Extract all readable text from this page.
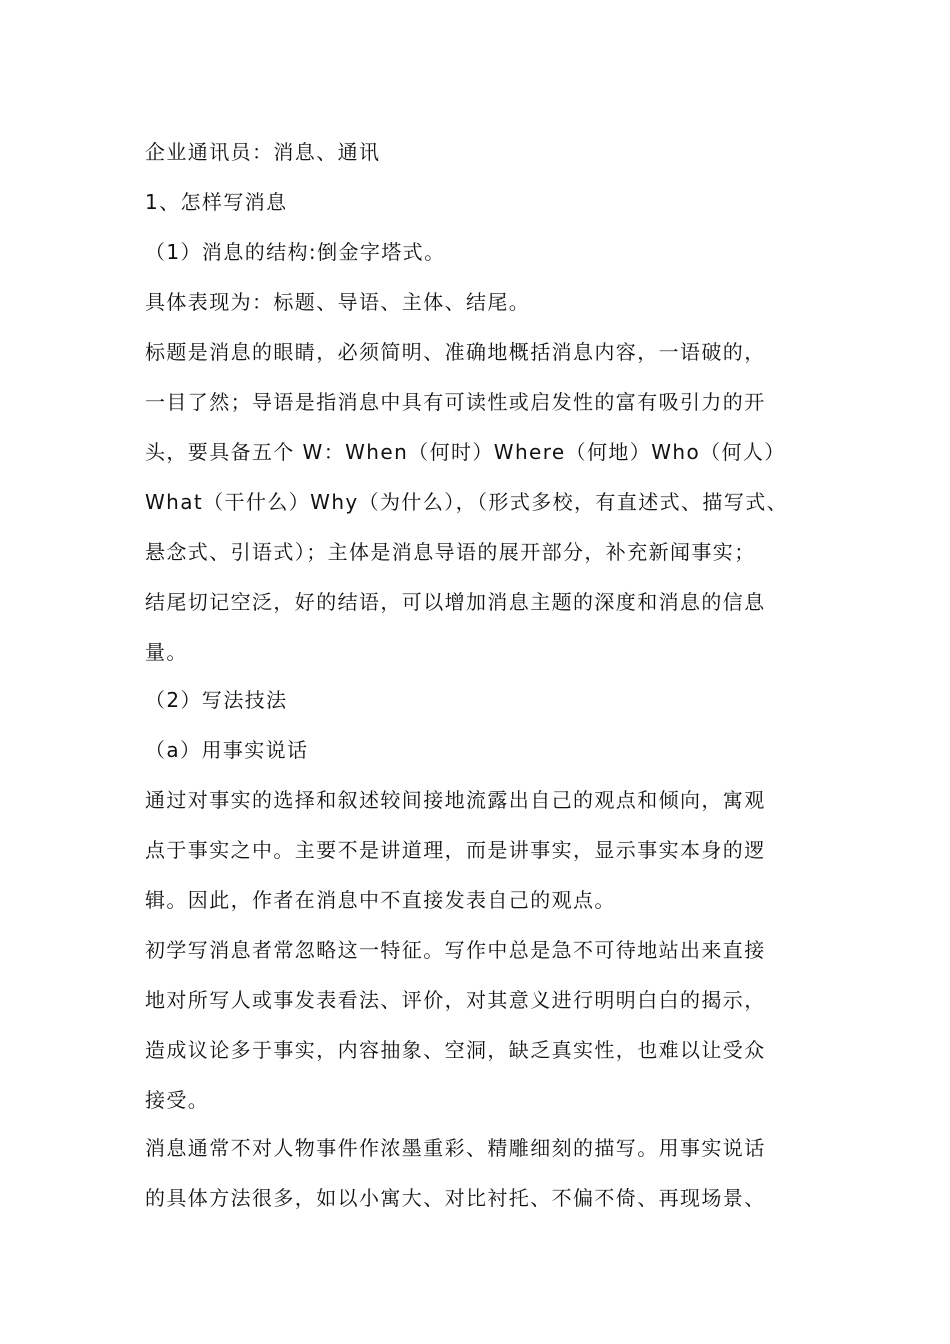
企业通讯员：消息、通讯
1、怎样写消息
（1）消息的结构:倒金字塔式。
具体表现为：标题、导语、主体、结尾。
标题是消息的眼睛，必须简明、准确地概括消息内容，一语破的，
一目了然；导语是指消息中具有可读性或启发性的富有吸引力的开
头，要具备五个 W：When（何时）Where（何地）Who（何人）
What（干什么）Why（为什么），（形式多校，有直述式、描写式、
悬念式、引语式）；主体是消息导语的展开部分，补充新闻事实；
结尾切记空泛，好的结语，可以增加消息主题的深度和消息的信息
量。
（2）写法技法
（a）用事实说话
通过对事实的选择和叙述较间接地流露出自己的观点和倾向，寓观
点于事实之中。主要不是讲道理，而是讲事实，显示事实本身的逻
辑。因此，作者在消息中不直接发表自己的观点。
初学写消息者常忽略这一特征。写作中总是急不可待地站出来直接
地对所写人或事发表看法、评价，对其意义进行明明白白的揭示，
造成议论多于事实，内容抽象、空洞，缺乏真实性，也难以让受众
接受。
消息通常不对人物事件作浓墨重彩、精雕细刻的描写。用事实说话
的具体方法很多，如以小寓大、对比衬托、不偏不倚、再现场景、
